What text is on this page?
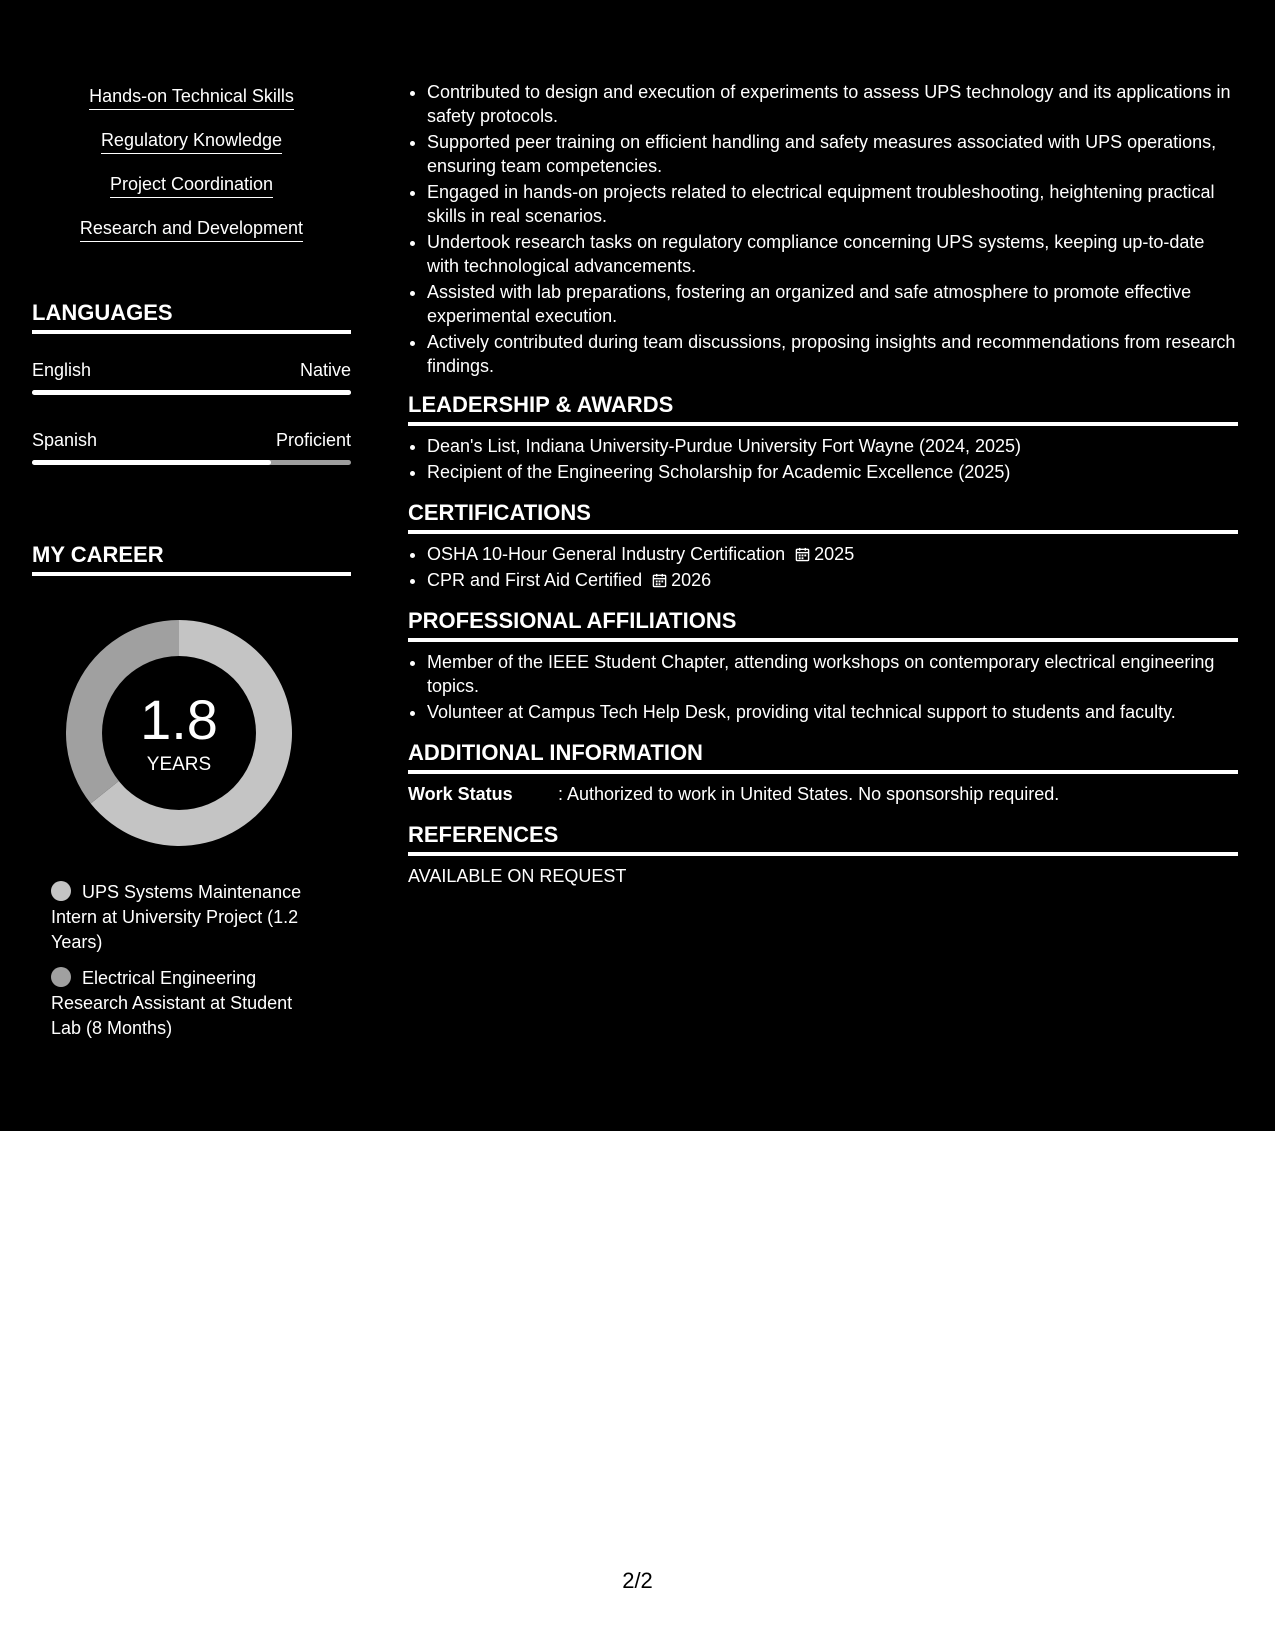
Hands-on Technical Skills
Regulatory Knowledge
Project Coordination
Research and Development
LANGUAGES
English	Native
Spanish	Proficient
MY CAREER
1.8
YEARS
UPS Systems Maintenance Intern at University Project (1.2 Years)
Electrical Engineering Research Assistant at Student Lab (8 Months)
• Contributed to design and execution of experiments to assess UPS technology and its applications in safety protocols.
• Supported peer training on efficient handling and safety measures associated with UPS operations, ensuring team competencies.
• Engaged in hands-on projects related to electrical equipment troubleshooting, heightening practical skills in real scenarios.
• Undertook research tasks on regulatory compliance concerning UPS systems, keeping up-to-date with technological advancements.
• Assisted with lab preparations, fostering an organized and safe atmosphere to promote effective experimental execution.
• Actively contributed during team discussions, proposing insights and recommendations from research findings.
LEADERSHIP & AWARDS
• Dean's List, Indiana University-Purdue University Fort Wayne (2024, 2025)
• Recipient of the Engineering Scholarship for Academic Excellence (2025)
CERTIFICATIONS
• OSHA 10-Hour General Industry Certification 2025
• CPR and First Aid Certified 2026
PROFESSIONAL AFFILIATIONS
• Member of the IEEE Student Chapter, attending workshops on contemporary electrical engineering topics.
• Volunteer at Campus Tech Help Desk, providing vital technical support to students and faculty.
ADDITIONAL INFORMATION
Work Status	: Authorized to work in United States. No sponsorship required.
REFERENCES
AVAILABLE ON REQUEST
2/2
